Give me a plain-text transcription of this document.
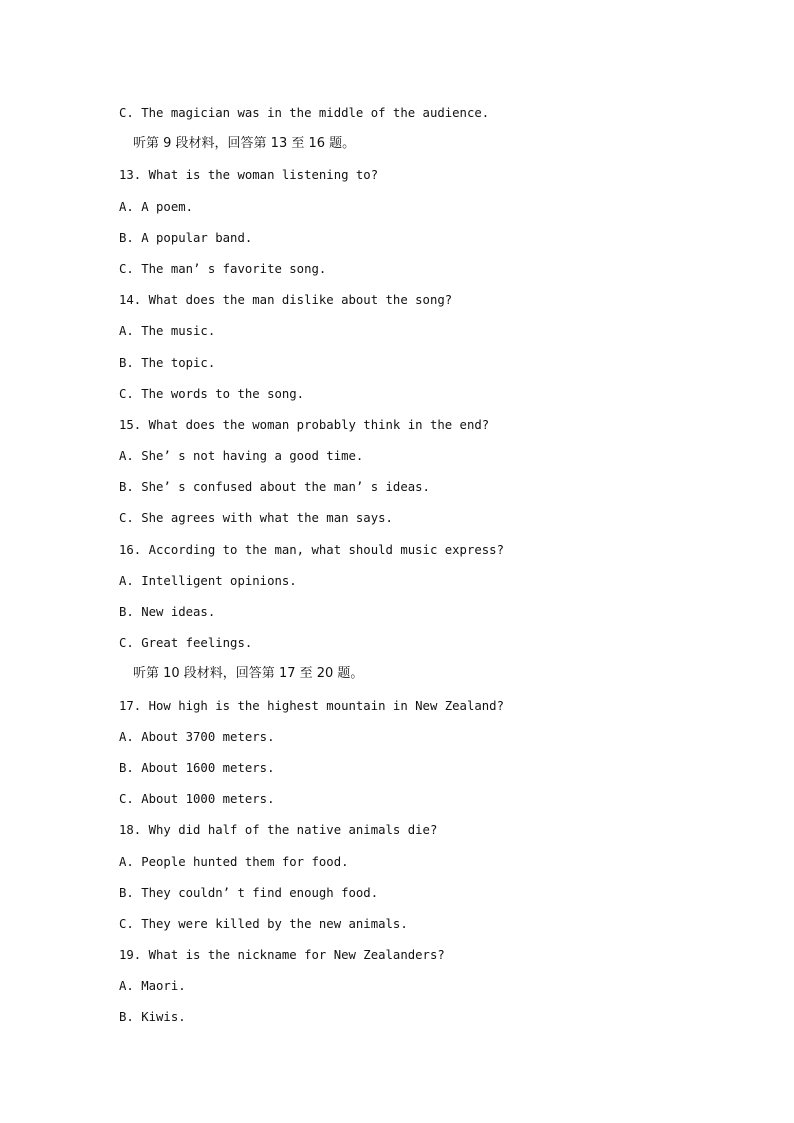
C. The magician was in the middle of the audience.
听第 9 段材料，回答第 13 至 16 题。
13. What is the woman listening to?
A. A poem.
B. A popular band.
C. The man’ s favorite song.
14. What does the man dislike about the song?
A. The music.
B. The topic.
C. The words to the song.
15. What does the woman probably think in the end?
A. She’ s not having a good time.
B. She’ s confused about the man’ s ideas.
C. She agrees with what the man says.
16. According to the man, what should music express?
A. Intelligent opinions.
B. New ideas.
C. Great feelings.
听第 10 段材料，回答第 17 至 20 题。
17. How high is the highest mountain in New Zealand?
A. About 3700 meters.
B. About 1600 meters.
C. About 1000 meters.
18. Why did half of the native animals die?
A. People hunted them for food.
B. They couldn’ t find enough food.
C. They were killed by the new animals.
19. What is the nickname for New Zealanders?
A. Maori.
B. Kiwis.
